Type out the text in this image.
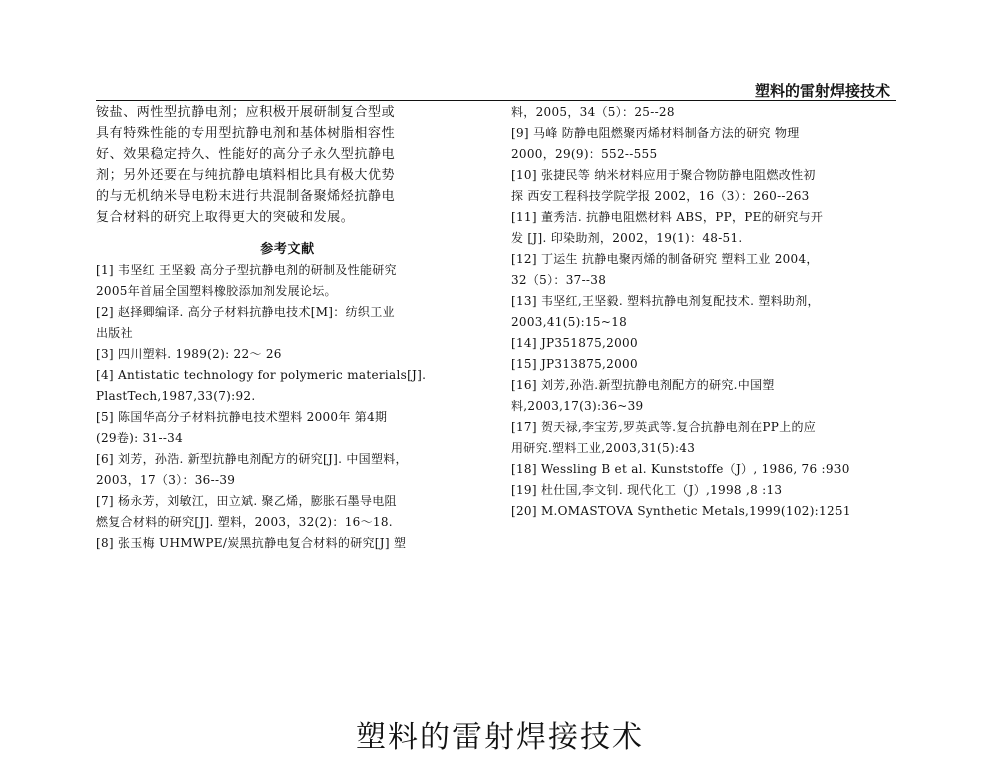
塑料的雷射焊接技术
铵盐、两性型抗静电剂；应积极开展研制复合型或
具有特殊性能的专用型抗静电剂和基体树脂相容性
好、效果稳定持久、性能好的高分子永久型抗静电
剂；另外还要在与纯抗静电填料相比具有极大优势
的与无机纳米导电粉末进行共混制备聚烯烃抗静电
复合材料的研究上取得更大的突破和发展。
参考文献
[1] 韦坚红 王坚毅 高分子型抗静电剂的研制及性能研究
2005年首届全国塑料橡胶添加剂发展论坛。
[2] 赵择卿编译. 高分子材料抗静电技术[M]：纺织工业
出版社
[3] 四川塑料. 1989(2): 22～ 26
[4] Antistatic technology for polymeric materials[J].
PlastTech,1987,33(7):92.
[5] 陈国华高分子材料抗静电技术塑料 2000年 第4期
(29卷): 31--34
[6] 刘芳，孙浩. 新型抗静电剂配方的研究[J]. 中国塑料，
2003，17（3）：36--39
[7] 杨永芳，刘敏江，田立斌. 聚乙烯，膨胀石墨导电阻
燃复合材料的研究[J]. 塑料，2003，32(2)：16～18.
[8] 张玉梅 UHMWPE/炭黑抗静电复合材料的研究[J] 塑
料，2005，34（5）：25--28
[9] 马峰 防静电阻燃聚丙烯材料制备方法的研究 物理
2000，29(9)：552--555
[10] 张捷民等 纳米材料应用于聚合物防静电阻燃改性初
探 西安工程科技学院学报 2002，16（3）：260--263
[11] 董秀洁. 抗静电阻燃材料 ABS，PP，PE的研究与开
发 [J]. 印染助剂，2002，19(1)：48-51.
[12] 丁运生 抗静电聚丙烯的制备研究 塑料工业 2004，
32（5）：37--38
[13] 韦坚红,王坚毅. 塑料抗静电剂复配技术. 塑料助剂，
2003,41(5):15~18
[14] JP351875,2000
[15] JP313875,2000
[16] 刘芳,孙浩.新型抗静电剂配方的研究.中国塑
料,2003,17(3):36~39
[17] 贺天禄,李宝芳,罗英武等.复合抗静电剂在PP上的应
用研究.塑料工业,2003,31(5):43
[18] Wessling B et al. Kunststoffe（J）, 1986, 76 :930
[19] 杜仕国,李文钊. 现代化工（J）,1998 ,8 :13
[20] M.OMASTOVA Synthetic Metals,1999(102):1251
塑料的雷射焊接技术
